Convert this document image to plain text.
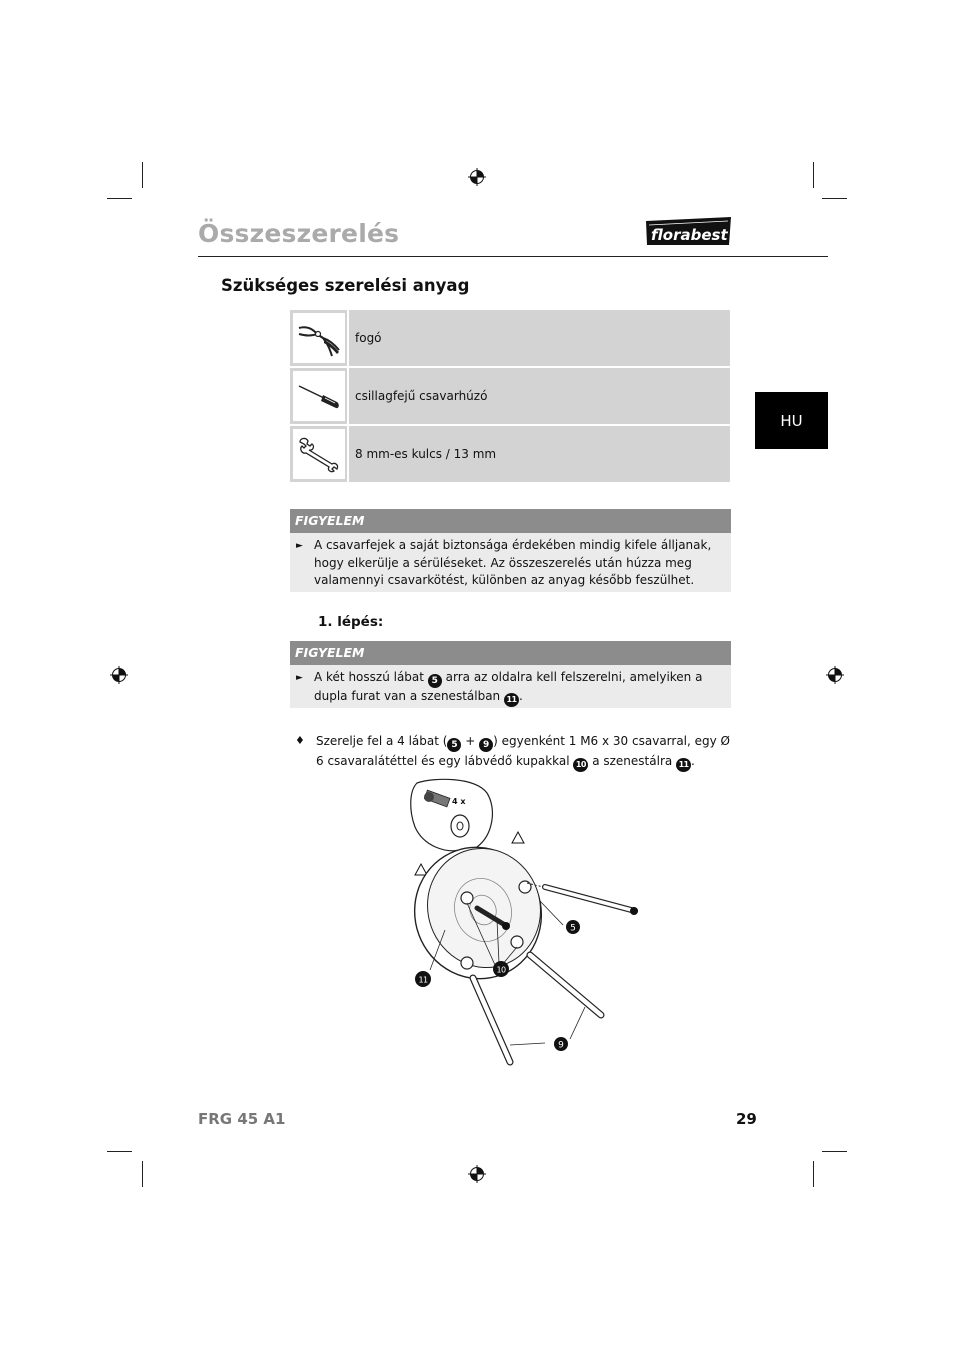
Összeszerelés	florabest
HU
Szükséges szerelési anyag
fogó
csillagfejű csavarhúzó
8 mm-es kulcs / 13 mm
FIGYELEM
► A csavarfejek a saját biztonsága érdekében mindig kifele álljanak, hogy elkerülje a sérüléseket. Az összeszerelés után húzza meg valamennyi csavarkötést, különben az anyag később feszülhet.
1. lépés:
FIGYELEM
► A két hosszú lábat 5 arra az oldalra kell felszerelni, amelyiken a dupla furat van a szenestálban 11 .
♦ Szerelje fel a 4 lábat ( 5 + 9 ) egyenként 1 M6 x 30 csavarral, egy Ø 6 csavaralátéttel és egy lábvédő kupakkal 10 a szenestálra 11 .
4 x
5
10
11
9
FRG 45 A1	29
